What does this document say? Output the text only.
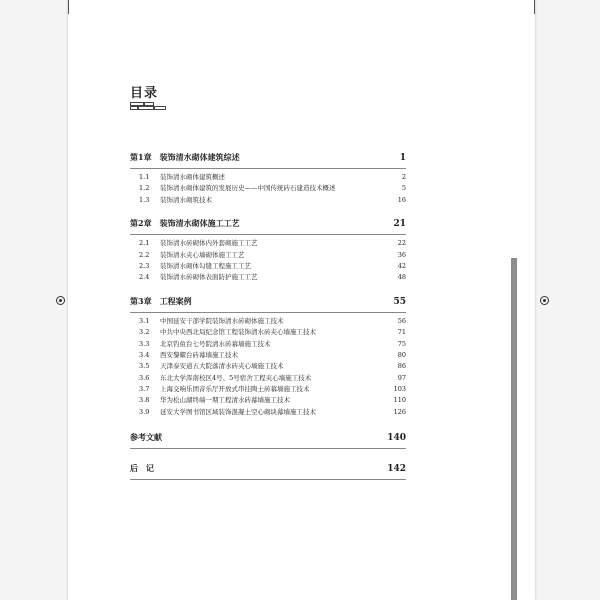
目录
第1章　装饰清水砌体建筑综述	1
1.1	装饰清水砌体建筑概述	2
1.2	装饰清水砌体建筑的发展历史——中国传统砖石建造技术概述	5
1.3	装饰清水砌筑技术	16
第2章　装饰清水砌体施工工艺	21
2.1	装饰清水砖砌体内外套砌施工工艺	22
2.2	装饰清水夹心墙砌体施工工艺	36
2.3	装饰清水砌体勾缝工程施工工艺	42
2.4	装饰清水砖砌体表面防护施工工艺	48
第3章　工程案例	55
3.1	中国延安干部学院装饰清水砖砌体施工技术	56
3.2	中共中央西北局纪念馆工程装饰清水砖夹心墙施工技术	71
3.3	北京钓鱼台七号院清水砖幕墙施工技术	75
3.4	西安黎耀台砖幕墙施工技术	80
3.5	天津泰安道五大院落清水砖夹心墙施工技术	86
3.6	东北大学浑南校区4号、5号宿舍工程夹心墙施工技术	97
3.7	上海交响乐团音乐厅开放式串挂陶土砖幕墙施工技术	103
3.8	华为松山湖终端一期工程清水砖幕墙施工技术	110
3.9	延安大学图书馆区域装饰混凝土空心砌块幕墙施工技术	126
参考文献	140
后　记	142
